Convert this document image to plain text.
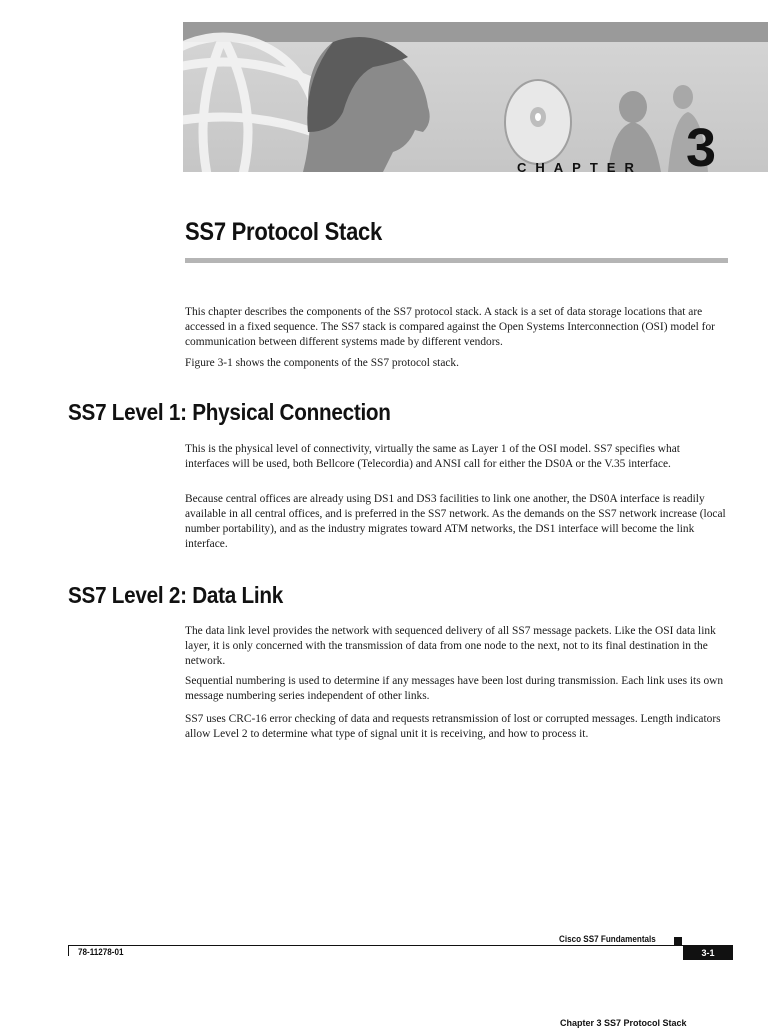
CHAPTER 3
SS7 Protocol Stack

This chapter describes the components of the SS7 protocol stack. A stack is a set of data storage locations that are accessed in a fixed sequence. The SS7 stack is compared against the Open Systems Interconnection (OSI) model for communication between different systems made by different vendors.

Figure 3-1 shows the components of the SS7 protocol stack.

SS7 Level 1: Physical Connection

This is the physical level of connectivity, virtually the same as Layer 1 of the OSI model. SS7 specifies what interfaces will be used, both Bellcore (Telecordia) and ANSI call for either the DS0A or the V.35 interface.

Because central offices are already using DS1 and DS3 facilities to link one another, the DS0A interface is readily available in all central offices, and is preferred in the SS7 network. As the demands on the SS7 network increase (local number portability), and as the industry migrates toward ATM networks, the DS1 interface will become the link interface.

SS7 Level 2: Data Link

The data link level provides the network with sequenced delivery of all SS7 message packets. Like the OSI data link layer, it is only concerned with the transmission of data from one node to the next, not to its final destination in the network.

Sequential numbering is used to determine if any messages have been lost during transmission. Each link uses its own message numbering series independent of other links.

SS7 uses CRC-16 error checking of data and requests retransmission of lost or corrupted messages. Length indicators allow Level 2 to determine what type of signal unit it is receiving, and how to process it.

Cisco SS7 Fundamentals
78-11278-01	3-1
Chapter 3 SS7 Protocol Stack
